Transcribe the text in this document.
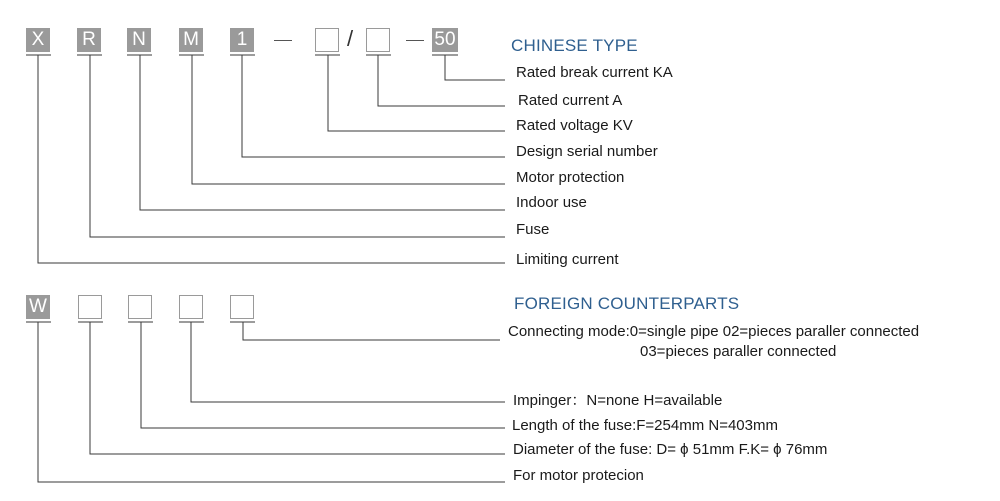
X R N M	1	/	50	CHINESE TYPE
Rated break current KA
Rated current A
Rated voltage KV
Design serial number
Motor protection
Indoor use
Fuse
Limiting current
W	FOREIGN COUNTERPARTS
Connecting mode:0=single pipe 02=pieces paraller connected
03=pieces paraller connected
Impinger：N=none H=available
Length of the fuse:F=254mm N=403mm
Diameter of the fuse: D= ϕ 51mm F.K= ϕ 76mm
For motor protecion
